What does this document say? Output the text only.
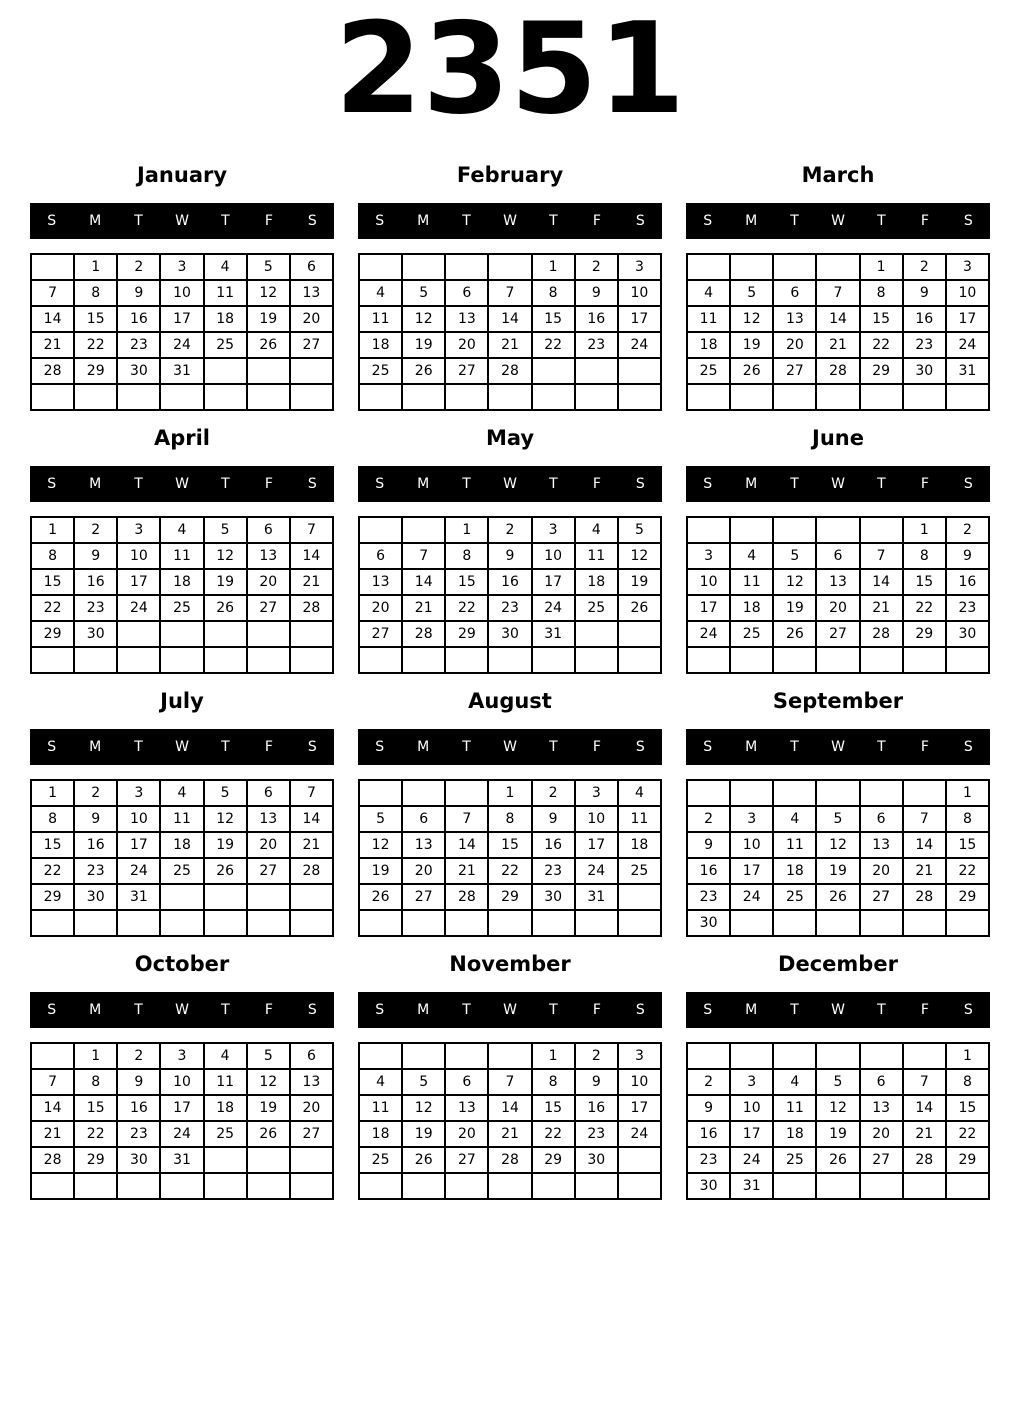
2351
January
S	M	T	W	T	F	S
	1	2	3	4	5	6
7	8	9	10	11	12	13
14	15	16	17	18	19	20
21	22	23	24	25	26	27
28	29	30	31			

February
S	M	T	W	T	F	S
				1	2	3
4	5	6	7	8	9	10
11	12	13	14	15	16	17
18	19	20	21	22	23	24
25	26	27	28			

March
S	M	T	W	T	F	S
				1	2	3
4	5	6	7	8	9	10
11	12	13	14	15	16	17
18	19	20	21	22	23	24
25	26	27	28	29	30	31

April
S	M	T	W	T	F	S
1	2	3	4	5	6	7
8	9	10	11	12	13	14
15	16	17	18	19	20	21
22	23	24	25	26	27	28
29	30					

May
S	M	T	W	T	F	S
		1	2	3	4	5
6	7	8	9	10	11	12
13	14	15	16	17	18	19
20	21	22	23	24	25	26
27	28	29	30	31		

June
S	M	T	W	T	F	S
					1	2
3	4	5	6	7	8	9
10	11	12	13	14	15	16
17	18	19	20	21	22	23
24	25	26	27	28	29	30

July
S	M	T	W	T	F	S
1	2	3	4	5	6	7
8	9	10	11	12	13	14
15	16	17	18	19	20	21
22	23	24	25	26	27	28
29	30	31				

August
S	M	T	W	T	F	S
			1	2	3	4
5	6	7	8	9	10	11
12	13	14	15	16	17	18
19	20	21	22	23	24	25
26	27	28	29	30	31	

September
S	M	T	W	T	F	S
						1
2	3	4	5	6	7	8
9	10	11	12	13	14	15
16	17	18	19	20	21	22
23	24	25	26	27	28	29
30						
October
S	M	T	W	T	F	S
	1	2	3	4	5	6
7	8	9	10	11	12	13
14	15	16	17	18	19	20
21	22	23	24	25	26	27
28	29	30	31			

November
S	M	T	W	T	F	S
				1	2	3
4	5	6	7	8	9	10
11	12	13	14	15	16	17
18	19	20	21	22	23	24
25	26	27	28	29	30	

December
S	M	T	W	T	F	S
						1
2	3	4	5	6	7	8
9	10	11	12	13	14	15
16	17	18	19	20	21	22
23	24	25	26	27	28	29
30	31					
